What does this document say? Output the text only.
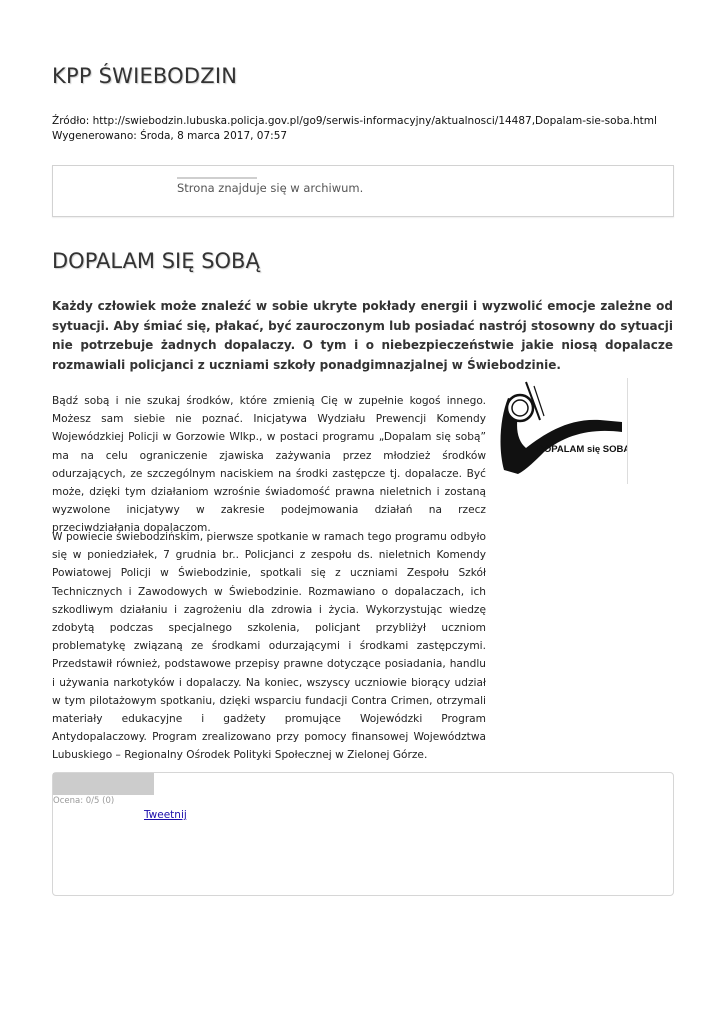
KPP ŚWIEBODZIN
Źródło: http://swiebodzin.lubuska.policja.gov.pl/go9/serwis-informacyjny/aktualnosci/14487,Dopalam-sie-soba.html
Wygenerowano: Środa, 8 marca 2017, 07:57
Strona znajduje się w archiwum.
DOPALAM SIĘ SOBĄ

Każdy człowiek może znaleźć w sobie ukryte pokłady energii i wyzwolić emocje zależne od sytuacji. Aby śmiać się, płakać, być zauroczonym lub posiadać nastrój stosowny do sytuacji nie potrzebuje żadnych dopalaczy. O tym i o niebezpieczeństwie jakie niosą dopalacze rozmawiali policjanci z uczniami szkoły ponadgimnazjalnej w Świebodzinie.

Bądź sobą i nie szukaj środków, które zmienią Cię w zupełnie kogoś innego. Możesz sam siebie nie poznać. Inicjatywa Wydziału Prewencji Komendy Wojewódzkiej Policji w Gorzowie Wlkp., w postaci programu „Dopalam się sobą” ma na celu ograniczenie zjawiska zażywania przez młodzież środków odurzających, ze szczególnym naciskiem na środki zastępcze tj. dopalacze. Być może, dzięki tym działaniom wzrośnie świadomość prawna nieletnich i zostaną wyzwolone inicjatywy w zakresie podejmowania działań na rzecz przeciwdziałania dopalaczom.

DOPALAM się SOBĄ

W powiecie świebodzińskim, pierwsze spotkanie w ramach tego programu odbyło się w poniedziałek, 7 grudnia br.. Policjanci z zespołu ds. nieletnich Komendy Powiatowej Policji w Świebodzinie, spotkali się z uczniami Zespołu Szkół Technicznych i Zawodowych w Świebodzinie. Rozmawiano o dopalaczach, ich szkodliwym działaniu i zagrożeniu dla zdrowia i życia. Wykorzystując wiedzę zdobytą podczas specjalnego szkolenia, policjant przybliżył uczniom problematykę związaną ze środkami odurzającymi i środkami zastępczymi. Przedstawił również, podstawowe przepisy prawne dotyczące posiadania, handlu i używania narkotyków i dopalaczy. Na koniec, wszyscy uczniowie biorący udział w tym pilotażowym spotkaniu, dzięki wsparciu fundacji Contra Crimen, otrzymali materiały edukacyjne i gadżety promujące Wojewódzki Program Antydopalaczowy. Program zrealizowano przy pomocy finansowej Województwa Lubuskiego – Regionalny Ośrodek Polityki Społecznej w Zielonej Górze.

Ocena: 0/5 (0)
Tweetnij
